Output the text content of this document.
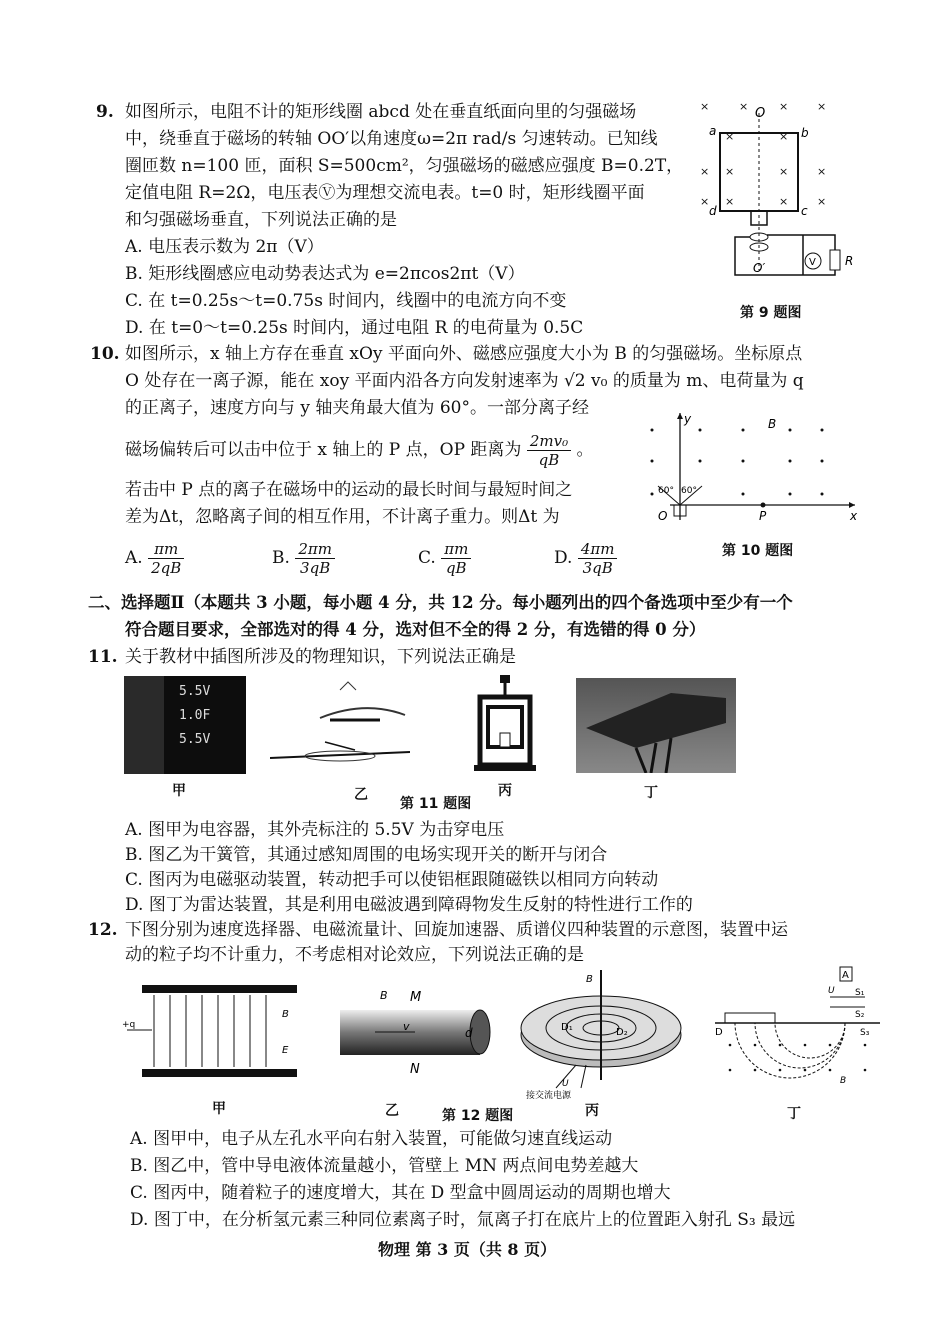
9. 如图所示，电阻不计的矩形线圈 abcd 处在垂直纸面向里的匀强磁场
中，绕垂直于磁场的转轴 OO′以角速度ω=2π rad/s 匀速转动。已知线
圈匝数 n=100 匝，面积 S=500cm²，匀强磁场的磁感应强度 B=0.2T，
定值电阻 R=2Ω，电压表Ⓥ为理想交流电表。t=0 时，矩形线圈平面
和匀强磁场垂直，下列说法正确的是
A. 电压表示数为 2π（V）
B. 矩形线圈感应电动势表达式为 e=2πcos2πt（V）
C. 在 t=0.25s～t=0.75s 时间内，线圈中的电流方向不变
D. 在 t=0～t=0.25s 时间内，通过电阻 R 的电荷量为 0.5C
×	×	×	×
×	×
×	×
×	×
×	×
×	×
O
a	b
d	c
V R
O′
第 9 题图
10. 如图所示，x 轴上方存在垂直 xOy 平面向外、磁感应强度大小为 B 的匀强磁场。坐标原点
O 处存在一离子源，能在 xoy 平面内沿各方向发射速率为 √2 v₀ 的质量为 m、电荷量为 q
的正离子，速度方向与 y 轴夹角最大值为 60°。一部分离子经
磁场偏转后可以击中位于 x 轴上的 P 点，OP 距离为 $\frac{\text{2mv₀}}{qB}$ 。
若击中 P 点的离子在磁场中的运动的最长时间与最短时间之
差为Δt，忽略离子间的相互作用，不计离子重力。则Δt 为
A. $\frac{\pi m}{2qB}$	B. $\frac{2\pi m}{3qB}$	C. $\frac{\pi m}{qB}$	D. $\frac{4\pi m}{3qB}$
y
x
O	P
B
60° 60°
第 10 题图
二、选择题Ⅱ（本题共 3 小题，每小题 4 分，共 12 分。每小题列出的四个备选项中至少有一个
符合题目要求，全部选对的得 4 分，选对但不全的得 2 分，有选错的得 0 分）
11. 关于教材中插图所涉及的物理知识，下列说法正确是
5.5V
1.0F
5.5V
甲	乙	丙	丁
第 11 题图
A. 图甲为电容器，其外壳标注的 5.5V 为击穿电压
B. 图乙为干簧管，其通过感知周围的电场实现开关的断开与闭合
C. 图丙为电磁驱动装置，转动把手可以使铝框跟随磁铁以相同方向转动
D. 图丁为雷达装置，其是利用电磁波遇到障碍物发生反射的特性进行工作的
12. 下图分别为速度选择器、电磁流量计、回旋加速器、质谱仪四种装置的示意图，装置中运
动的粒子均不计重力，不考虑相对论效应，下列说法正确的是
+q
B
E
B M
N
v	d
B
D₁	D₂
U
接交流电源
A
U S₁
S₂
S₃
D
B
甲	乙	丙	丁
第 12 题图
A. 图甲中，电子从左孔水平向右射入装置，可能做匀速直线运动
B. 图乙中，管中导电液体流量越小，管壁上 MN 两点间电势差越大
C. 图丙中，随着粒子的速度增大，其在 D 型盒中圆周运动的周期也增大
D. 图丁中，在分析氢元素三种同位素离子时，氚离子打在底片上的位置距入射孔 S₃ 最远
物理 第 3 页（共 8 页）
